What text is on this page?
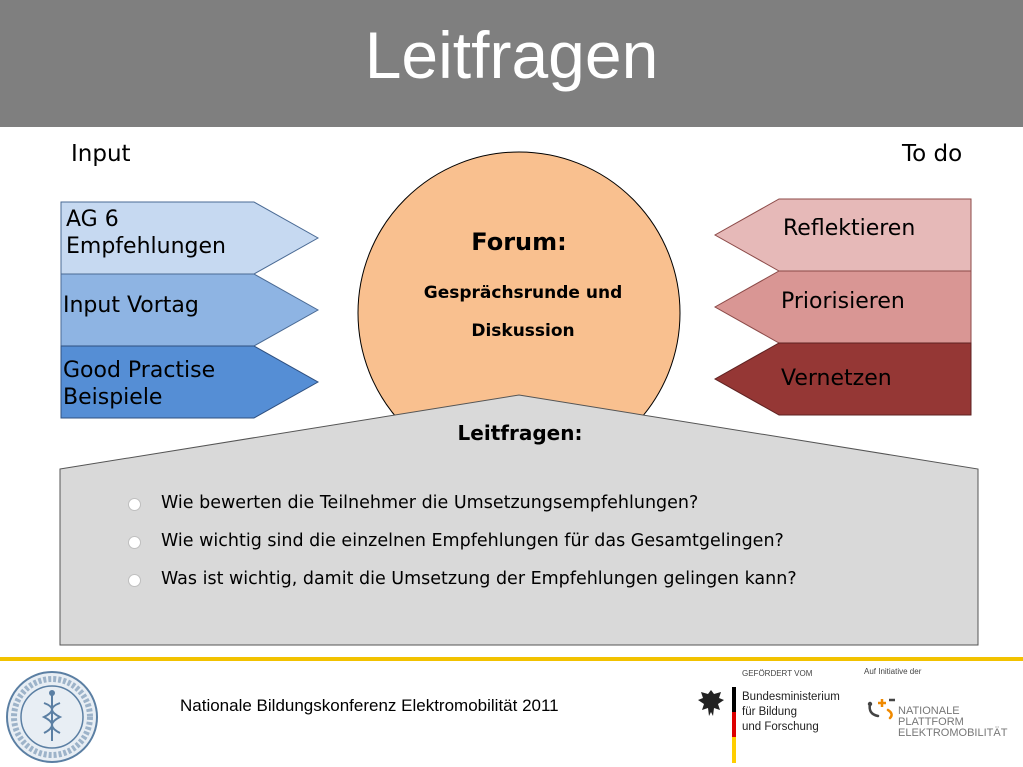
Leitfragen
Input	To do
AG 6
Empfehlungen
Input Vortag
Good Practise
Beispiele
Reflektieren
Priorisieren
Vernetzen
Forum:
Gesprächsrunde und
Diskussion
Leitfragen:
Wie bewerten die Teilnehmer die Umsetzungsempfehlungen?
Wie wichtig sind die einzelnen Empfehlungen für das Gesamtgelingen?
Was ist wichtig, damit die Umsetzung der Empfehlungen gelingen kann?
Nationale Bildungskonferenz Elektromobilität 2011
GEFÖRDERT VOM
Bundesministerium
für Bildung
und Forschung
Auf Initiative der
NATIONALE
PLATTFORM
ELEKTROMOBILITÄT
